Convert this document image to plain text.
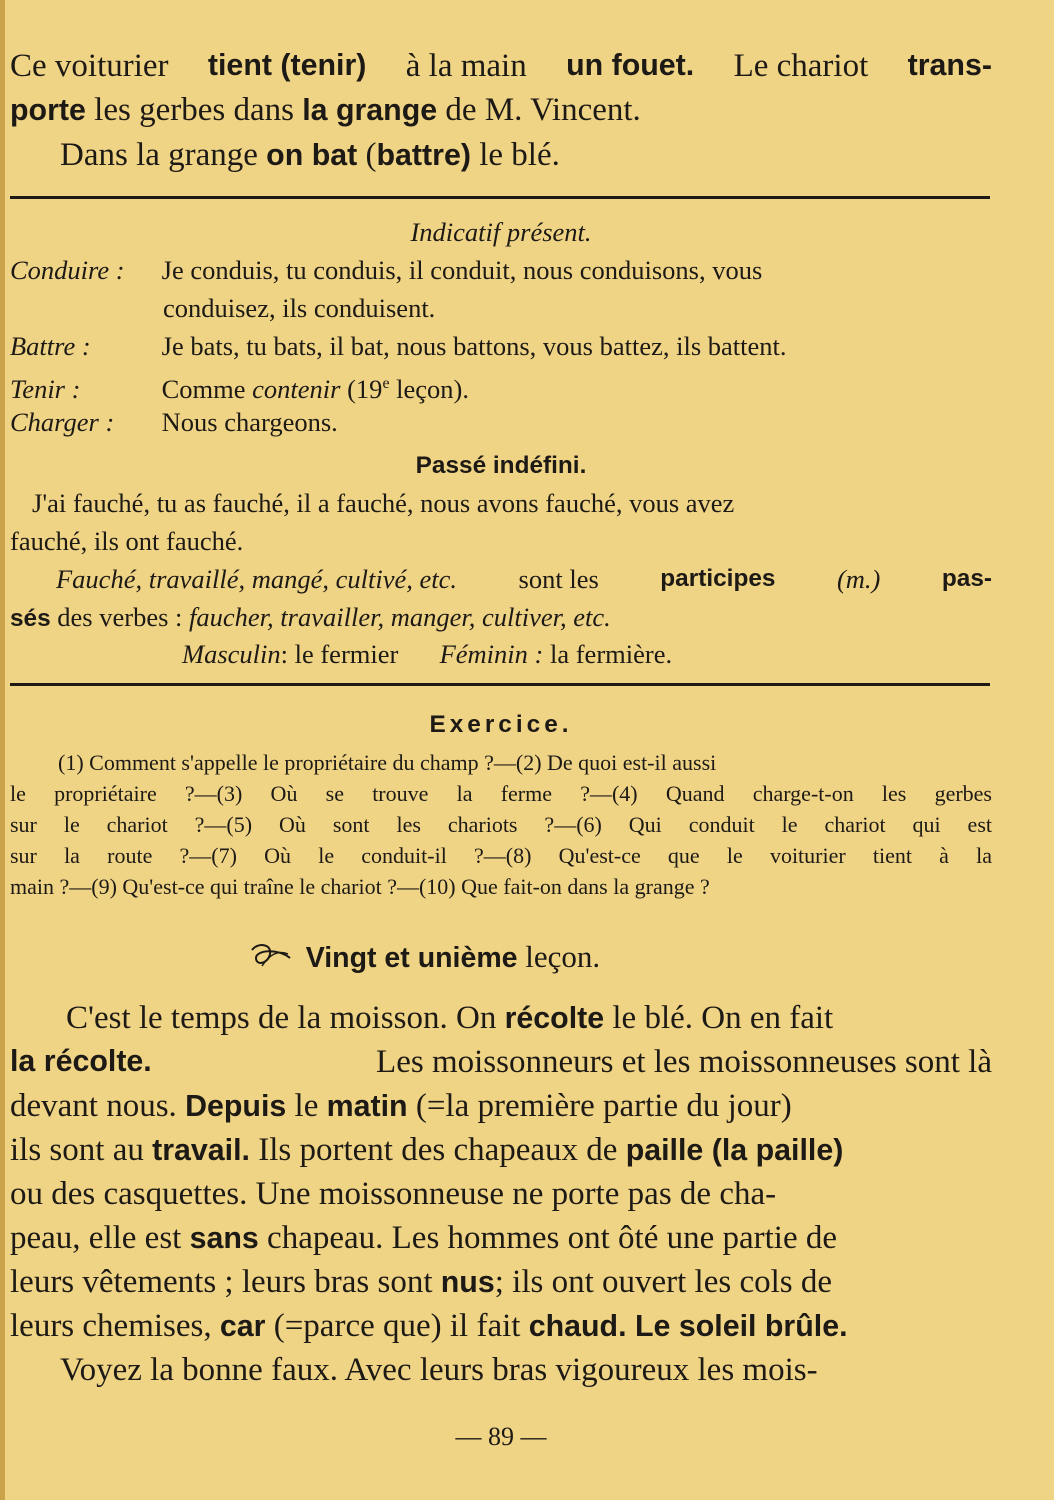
Ce voiturier tient (tenir) à la main un fouet. Le chariot trans-
porte les gerbes dans la grange de M. Vincent.
Dans la grange on bat (battre) le blé.
Indicatif présent.
Conduire : Je conduis, tu conduis, il conduit, nous conduisons, vous
conduisez, ils conduisent.
Battre :	Je bats, tu bats, il bat, nous battons, vous battez, ils battent.
Tenir :	Comme contenir (19e leçon).
Charger : Nous chargeons.
Passé indéfini.
J'ai fauché, tu as fauché, il a fauché, nous avons fauché, vous avez
fauché, ils ont fauché.
Fauché, travaillé, mangé, cultivé, etc. sont les	participes (m.)	pas-
sés des verbes : faucher, travailler, manger, cultiver, etc.
Masculin: le fermier Féminin : la fermière.
Exercice.
(1) Comment s'appelle le propriétaire du champ ?—(2) De quoi est-il aussi
le propriétaire ?—(3) Où se trouve la ferme ?—(4) Quand charge-t-on les gerbes
sur le chariot ?—(5) Où sont les chariots ?—(6) Qui conduit le chariot qui est
sur la route ?—(7) Où le conduit-il ?—(8) Qu'est-ce que le voiturier tient à la
main ?—(9) Qu'est-ce qui traîne le chariot ?—(10) Que fait-on dans la grange ?
Vingt et unième leçon.
C'est le temps de la moisson. On récolte le blé. On en fait
la récolte.	Les moissonneurs et les moissonneuses sont là
devant nous. Depuis le matin (=la première partie du jour)
ils sont au travail. Ils portent des chapeaux de paille (la paille)
ou des casquettes. Une moissonneuse ne porte pas de cha-
peau, elle est sans chapeau. Les hommes ont ôté une partie de
leurs vêtements ; leurs bras sont nus; ils ont ouvert les cols de
leurs chemises, car (=parce que) il fait chaud. Le soleil brûle.
Voyez la bonne faux. Avec leurs bras vigoureux les mois-
— 89 —
